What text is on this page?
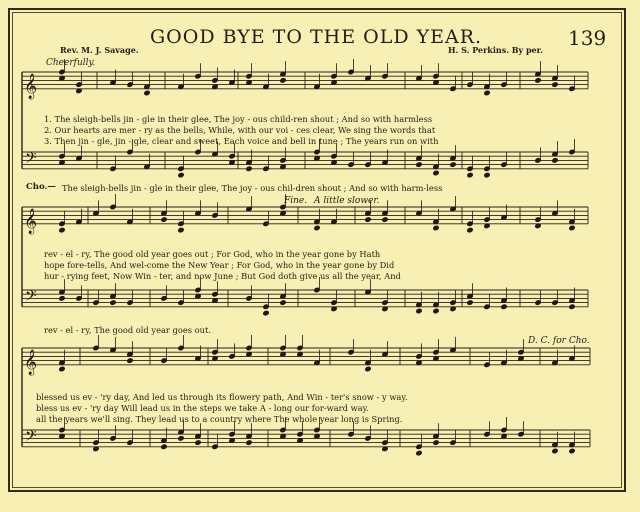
GOOD BYE TO THE OLD YEAR.	139
Rev. M. J. Savage.	H. S. Perkins. By per.
Cheerfully.
𝄞
𝄢
𝄞
𝄢
𝄞
𝄢
1. The sleigh-bells jin - gle in their glee, The joy - ous child-ren shout ; And so with harmless
2. Our hearts are mer - ry as the bells, While, with our voi - ces clear, We sing the words that
3. Then jin - gle, jin - gle, clear and sweet, Each voice and bell in tune ; The years run on with
Cho.— The sleigh-bells jin - gle in their glee, The joy - ous chil-dren shout ; And so with harm-less
Fine. A little slower.
rev - el - ry, The good old year goes out ; For God, who in the year gone by Hath
hope fore-tells, And wel-come the New Year ; For God, who in the year gone by Did
hur - rying feet, Now Win - ter, and now June ; But God doth give us all the year, And
rev - el - ry, The good old year goes out.
D. C. for Cho.
blessed us ev - 'ry day, And led us through its flowery path, And Win - ter's snow - y way.
bless us ev - 'ry day Will lead us in the steps we take A - long our for-ward way.
all the years we'll sing. They lead us to a country where The whole year long is Spring.
